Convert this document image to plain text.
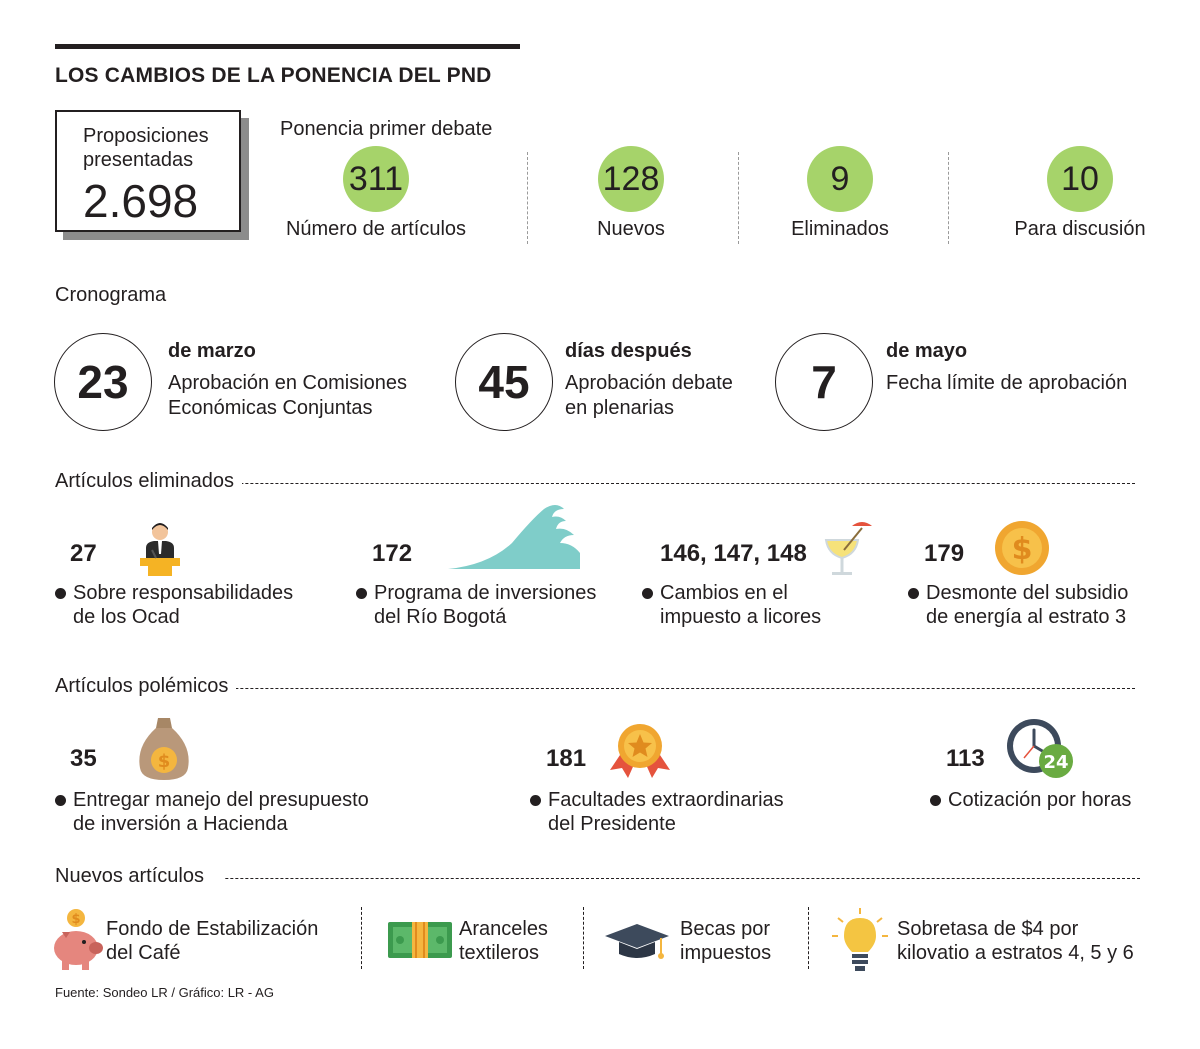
LOS CAMBIOS DE LA PONENCIA DEL PND
Proposiciones presentadas
2.698
Ponencia primer debate
311
Número de artículos
128
Nuevos
9
Eliminados
10
Para discusión
Cronograma
23
de marzo
Aprobación en Comisiones
Económicas Conjuntas	45
días después
Aprobación debate
en plenarias	7
de mayo
Fecha límite de aprobación
Artículos eliminados
27
Sobre responsabilidades
de los Ocad
172
Programa de inversiones
del Río Bogotá
146, 147, 148
Cambios en el
impuesto a licores
179 $
Desmonte del subsidio
de energía al estrato 3
Artículos polémicos
35	$
Entregar manejo del presupuesto
de inversión a Hacienda
181
Facultades extraordinarias
del Presidente
113	24
Cotización por horas
Nuevos artículos
$ Fondo de Estabilización
del Café
Aranceles
textileros
Becas por
impuestos
Sobretasa de $4 por
kilovatio a estratos 4, 5 y 6
Fuente: Sondeo LR / Gráfico: LR - AG
